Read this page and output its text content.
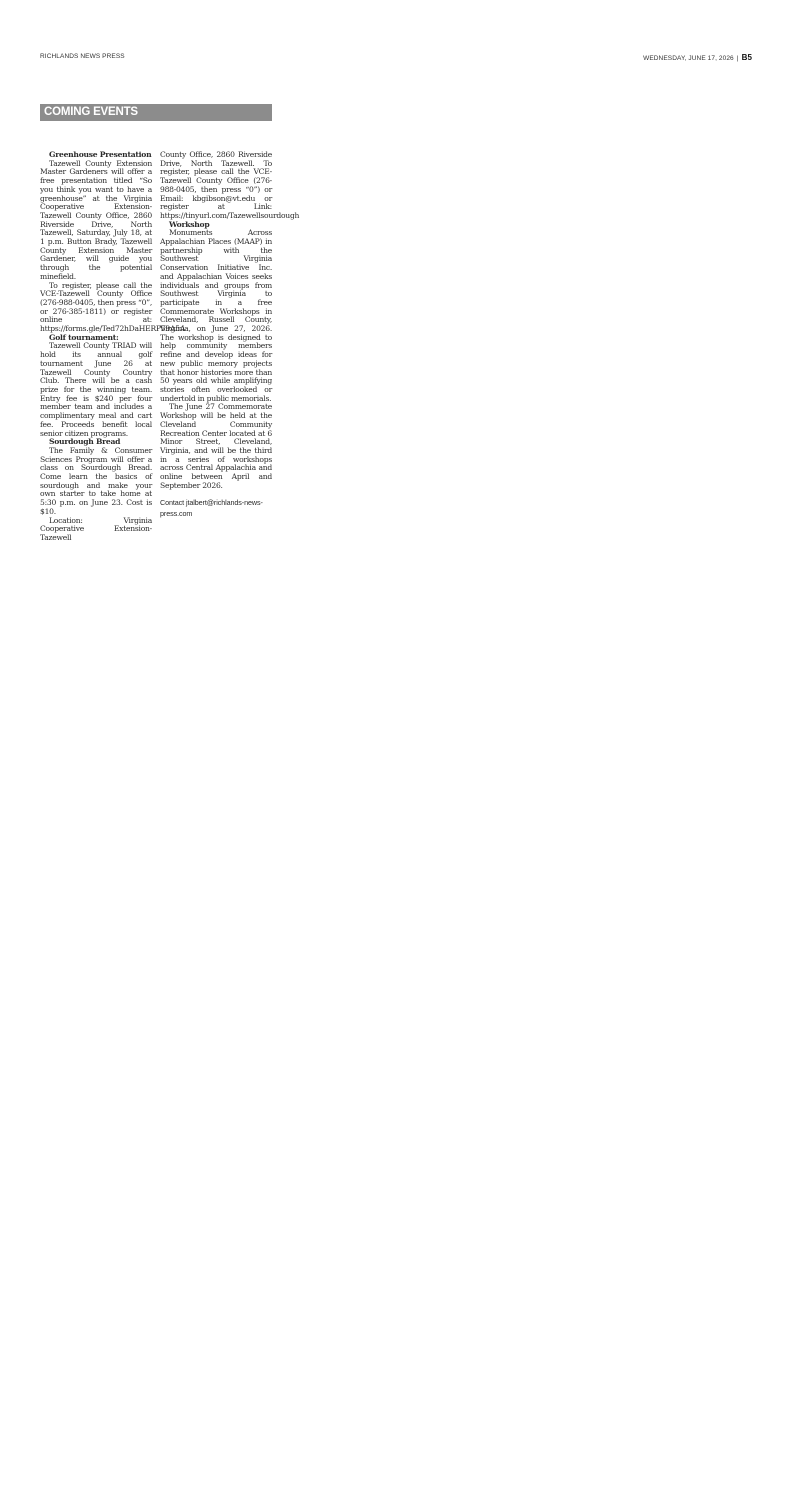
RICHLANDS NEWS PRESS	WEDNESDAY, JUNE 17, 2026 | B5
COMING EVENTS
Greenhouse Presentation

Tazewell County Extension Master Gardeners will offer a free presentation titled “So you think you want to have a greenhouse” at the Virginia Cooperative Extension-Tazewell County Office, 2860 Riverside Drive, North Tazewell, Saturday, July 18, at 1 p.m. Button Brady, Tazewell County Extension Master Gardener, will guide you through the potential minefield.

To register, please call the VCE-Tazewell County Office (276-988-0405, then press “0”, or 276-385-1811) or register online at: https://forms.gle/Ted72hDaHERP59A5A

Golf tournament:

Tazewell County TRIAD will hold its annual golf tournament June 26 at Tazewell County Country Club. There will be a cash prize for the winning team. Entry fee is $240 per four member team and includes a complimentary meal and cart fee. Proceeds benefit local senior citizen programs.

Sourdough Bread

The Family & Consumer Sciences Program will offer a class on Sourdough Bread. Come learn the basics of sourdough and make your own starter to take home at 5:30 p.m. on June 23. Cost is $10.

Location: Virginia Cooperative Extension-Tazewell

County Office, 2860 Riverside Drive, North Tazewell. To register, please call the VCE-Tazewell County Office (276-988-0405, then press “0”) or Email: kbgibson@vt.edu or register at Link: https://tinyurl.com/Tazewellsourdough

Workshop

Monuments Across Appalachian Places (MAAP) in partnership with the Southwest Virginia Conservation Initiative Inc. and Appalachian Voices seeks individuals and groups from Southwest Virginia to participate in a free Commemorate Workshops in Cleveland, Russell County, Virginia, on June 27, 2026. The workshop is designed to help community members refine and develop ideas for new public memory projects that honor histories more than 50 years old while amplifying stories often overlooked or undertold in public memorials.

The June 27 Commemorate Workshop will be held at the Cleveland Community Recreation Center located at 6 Minor Street, Cleveland, Virginia, and will be the third in a series of workshops across Central Appalachia and online between April and September 2026.

Contact jtalbert@richlands-news-press.com
